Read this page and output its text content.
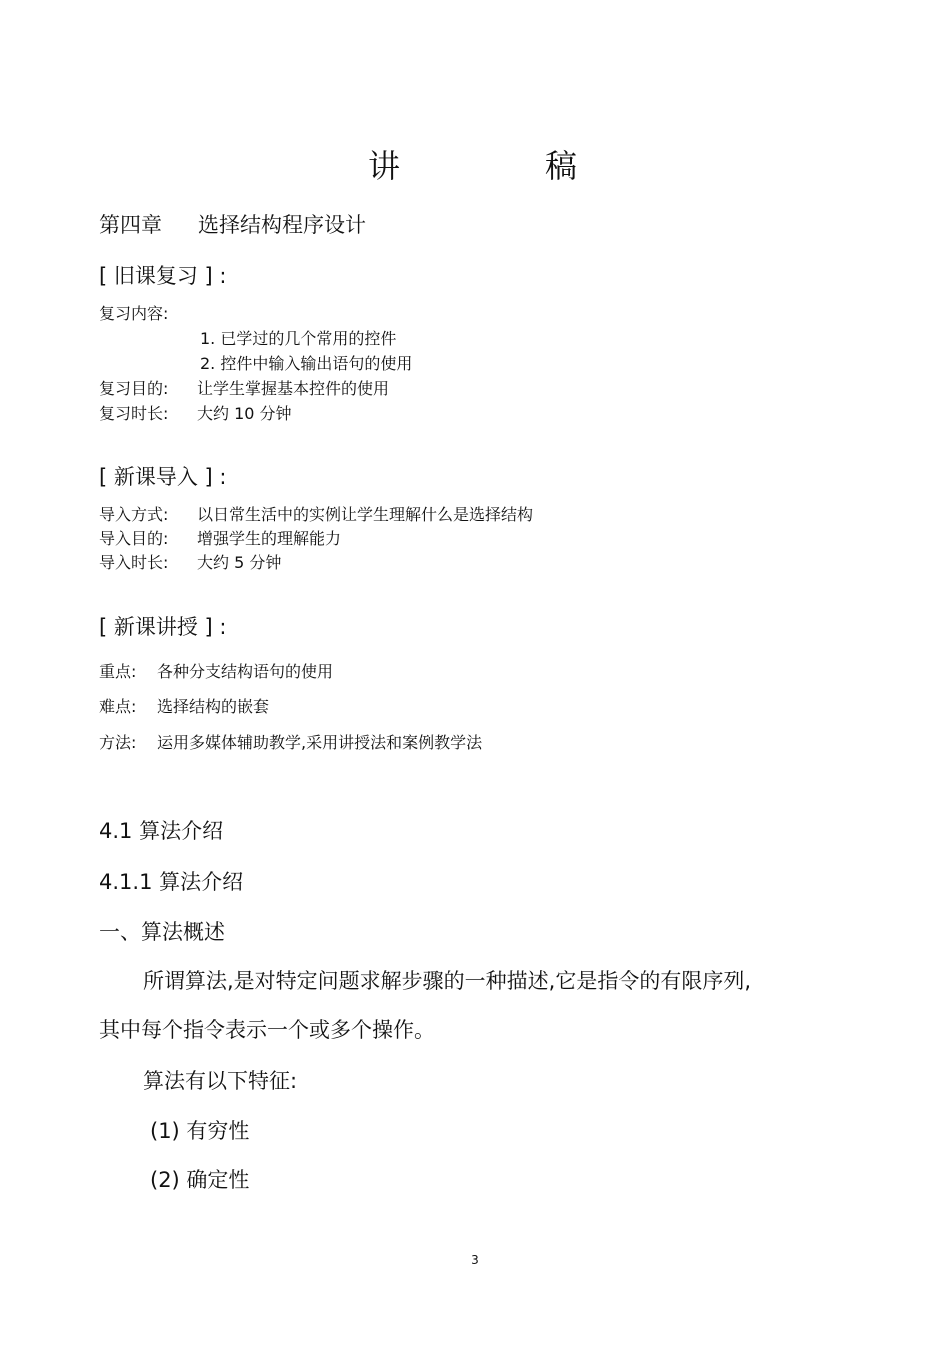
讲	稿
第四章 选择结构程序设计
[ 旧课复习 ] :
复习内容:
1. 已学过的几个常用的控件
2. 控件中输入输出语句的使用
复习目的: 让学生掌握基本控件的使用
复习时长: 大约 10 分钟
[ 新课导入 ] :
导入方式: 以日常生活中的实例让学生理解什么是选择结构
导入目的: 增强学生的理解能力
导入时长: 大约 5 分钟
[ 新课讲授 ] :
重点: 各种分支结构语句的使用
难点: 选择结构的嵌套
方法: 运用多媒体辅助教学,采用讲授法和案例教学法
4.1 算法介绍
4.1.1 算法介绍
一、算法概述
所谓算法,是对特定问题求解步骤的一种描述,它是指令的有限序列,
其中每个指令表示一个或多个操作。
算法有以下特征:
(1) 有穷性
(2) 确定性
3
